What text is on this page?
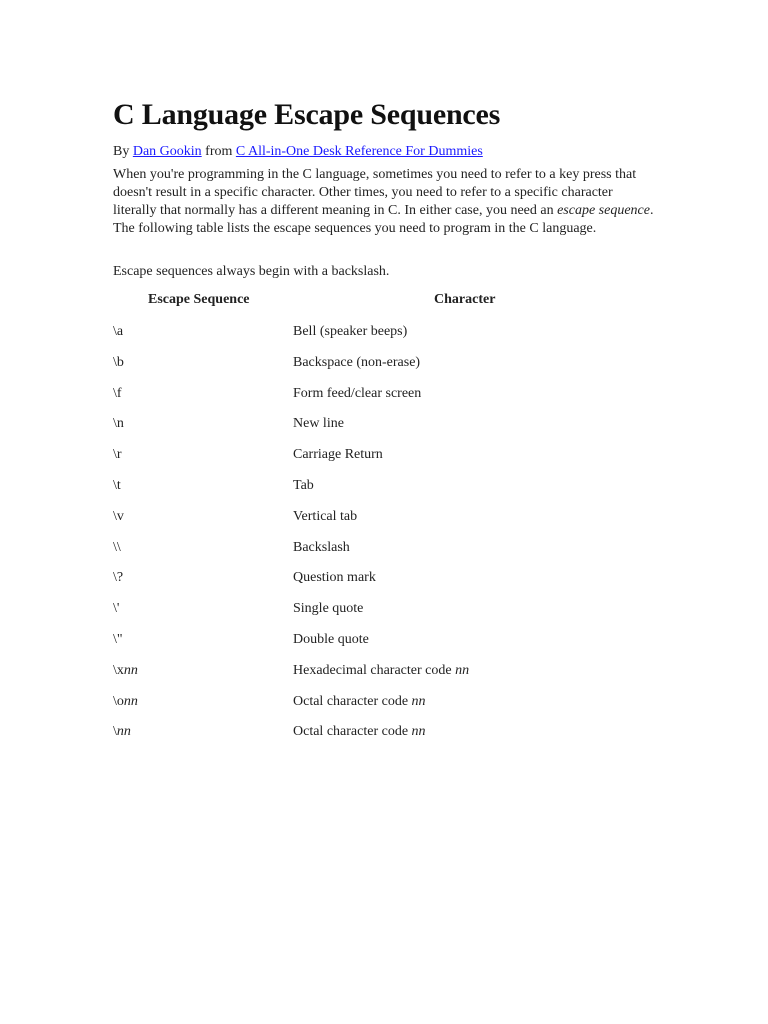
C Language Escape Sequences
By Dan Gookin from C All-in-One Desk Reference For Dummies

When you're programming in the C language, sometimes you need to refer to a key press that doesn't result in a specific character. Other times, you need to refer to a specific character literally that normally has a different meaning in C. In either case, you need an escape sequence. The following table lists the escape sequences you need to program in the C language.

Escape sequences always begin with a backslash.

Escape Sequence	Character
\a	Bell (speaker beeps)
\b	Backspace (non-erase)
\f	Form feed/clear screen
\n	New line
\r	Carriage Return
\t	Tab
\v	Vertical tab
\\	Backslash
\?	Question mark
\'	Single quote
\"	Double quote
\xnn	Hexadecimal character code nn
\onn	Octal character code nn
\nn	Octal character code nn
